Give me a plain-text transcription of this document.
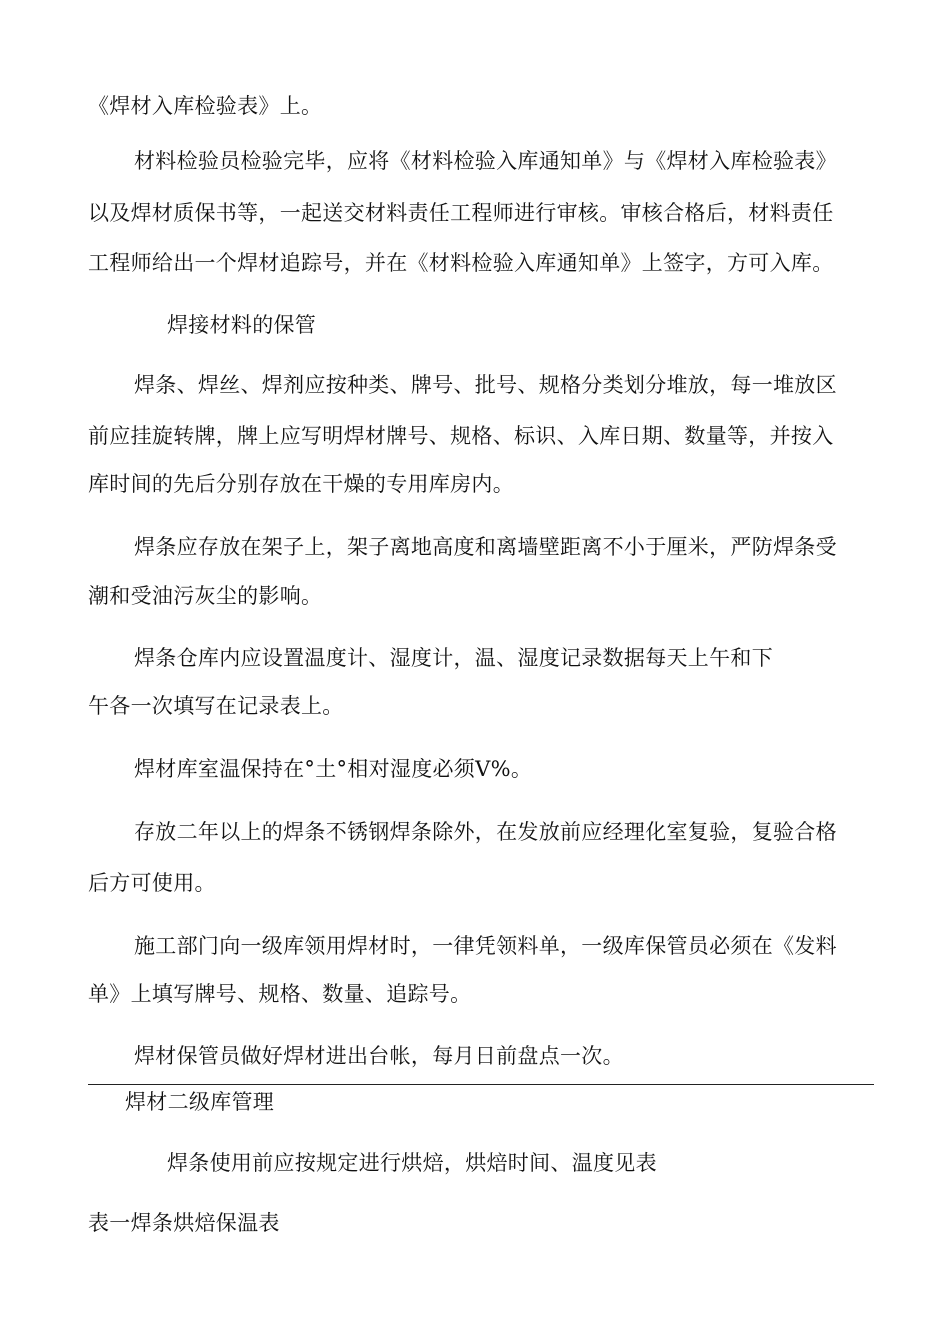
《焊材入库检验表》上。
材料检验员检验完毕，应将《材料检验入库通知单》与《焊材入库检验表》
以及焊材质保书等，一起送交材料责任工程师进行审核。审核合格后，材料责任
工程师给出一个焊材追踪号，并在《材料检验入库通知单》上签字，方可入库。
焊接材料的保管
焊条、焊丝、焊剂应按种类、牌号、批号、规格分类划分堆放，每一堆放区
前应挂旋转牌，牌上应写明焊材牌号、规格、标识、入库日期、数量等，并按入
库时间的先后分别存放在干燥的专用库房内。
焊条应存放在架子上，架子离地高度和离墙壁距离不小于厘米，严防焊条受
潮和受油污灰尘的影响。
焊条仓库内应设置温度计、湿度计，温、湿度记录数据每天上午和下
午各一次填写在记录表上。
焊材库室温保持在°土°相对湿度必须V%。
存放二年以上的焊条不锈钢焊条除外，在发放前应经理化室复验，复验合格
后方可使用。
施工部门向一级库领用焊材时，一律凭领料单，一级库保管员必须在《发料
单》上填写牌号、规格、数量、追踪号。
焊材保管员做好焊材进出台帐，每月日前盘点一次。
焊材二级库管理
焊条使用前应按规定进行烘焙，烘焙时间、温度见表
表一焊条烘焙保温表
